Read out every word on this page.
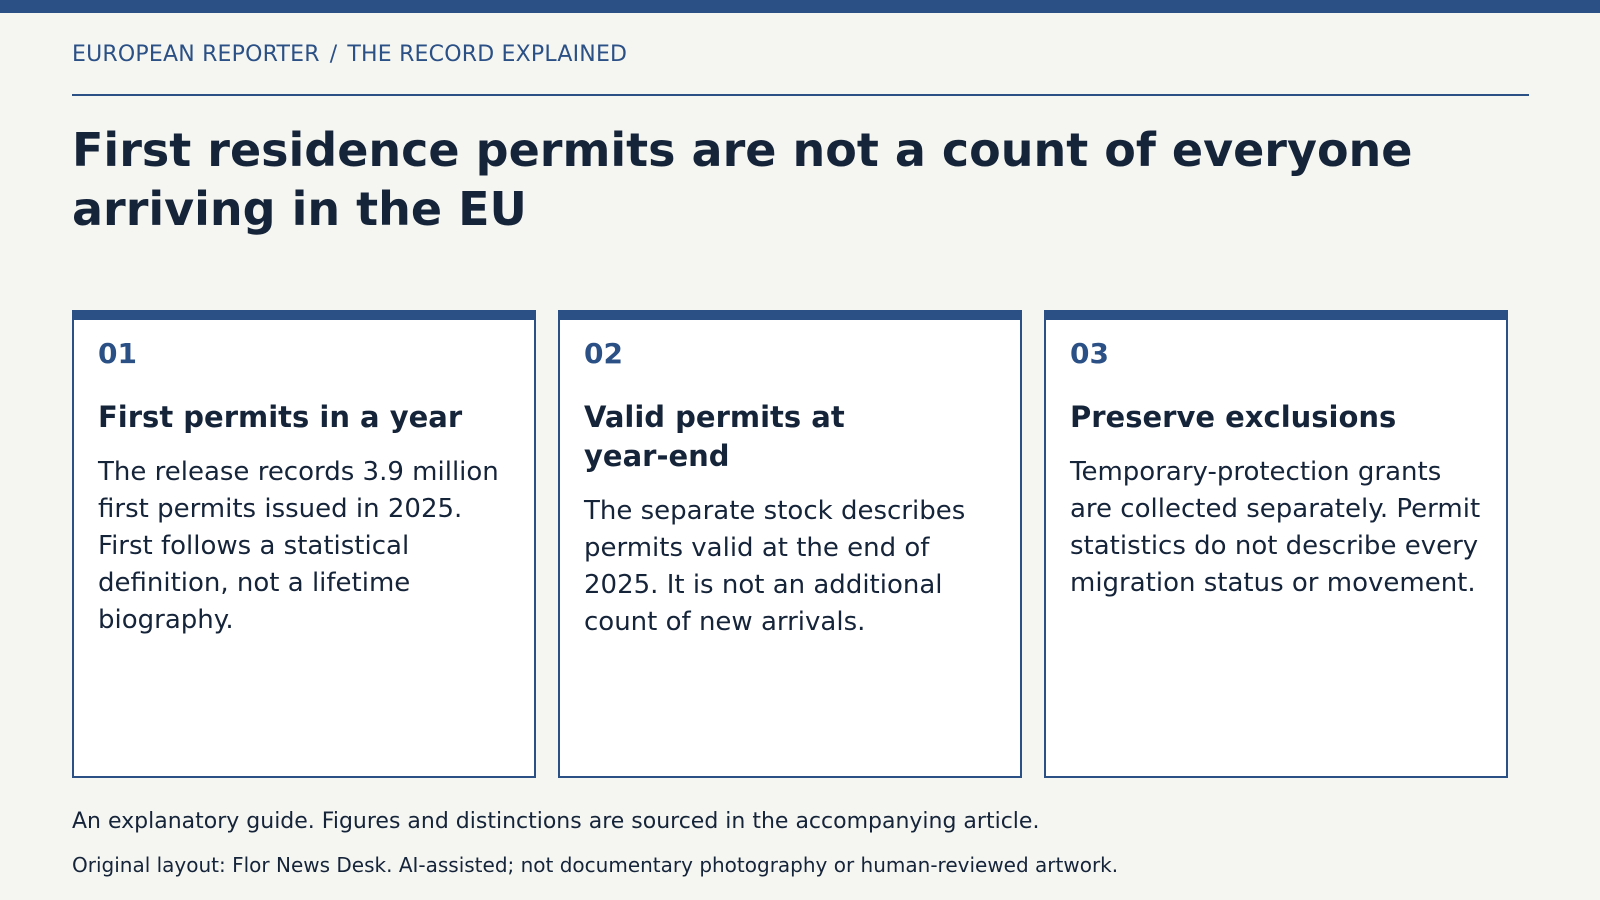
EUROPEAN REPORTER / THE RECORD EXPLAINED
First residence permits are not a count of everyone arriving in the EU
01
First permits in a year
The release records 3.9 million first permits issued in 2025. First follows a statistical definition, not a lifetime biography.
02
Valid permits at year-end
The separate stock describes permits valid at the end of 2025. It is not an additional count of new arrivals.
03
Preserve exclusions
Temporary-protection grants are collected separately. Permit statistics do not describe every migration status or movement.
An explanatory guide. Figures and distinctions are sourced in the accompanying article.
Original layout: Flor News Desk. AI-assisted; not documentary photography or human-reviewed artwork.
